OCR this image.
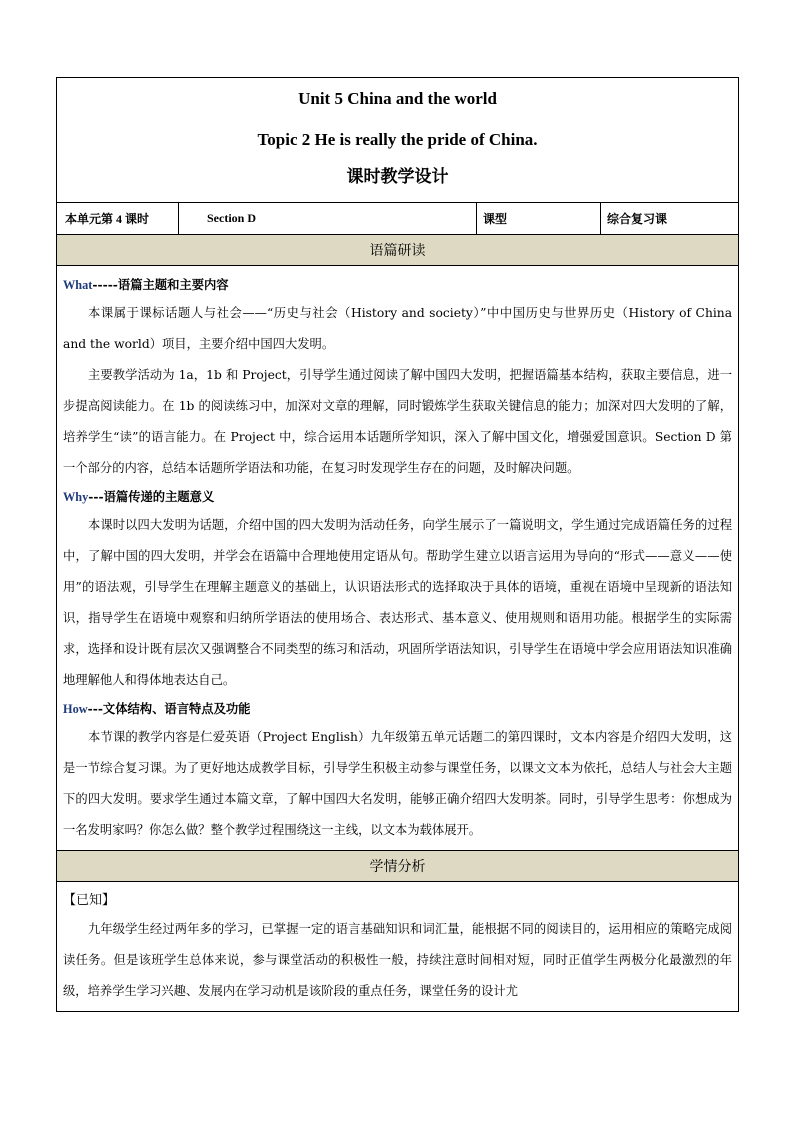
Unit 5 China and the world
Topic 2 He is really the pride of China.
课时教学设计

本单元第 4 课时	Section D	课型	综合复习课
语篇研读

What-----语篇主题和主要内容

本课属于课标话题人与社会——“历史与社会（History and society）”中中国历史与世界历史（History of China and the world）项目，主要介绍中国四大发明。

主要教学活动为 1a，1b 和 Project，引导学生通过阅读了解中国四大发明，把握语篇基本结构，获取主要信息，进一步提高阅读能力。在 1b 的阅读练习中，加深对文章的理解，同时锻炼学生获取关键信息的能力；加深对四大发明的了解，培养学生“读”的语言能力。在 Project 中，综合运用本话题所学知识，深入了解中国文化，增强爱国意识。Section D 第一个部分的内容，总结本话题所学语法和功能，在复习时发现学生存在的问题，及时解决问题。

Why---语篇传递的主题意义

本课时以四大发明为话题，介绍中国的四大发明为活动任务，向学生展示了一篇说明文，学生通过完成语篇任务的过程中，了解中国的四大发明，并学会在语篇中合理地使用定语从句。帮助学生建立以语言运用为导向的“形式——意义——使用”的语法观，引导学生在理解主题意义的基础上，认识语法形式的选择取决于具体的语境，重视在语境中呈现新的语法知识，指导学生在语境中观察和归纳所学语法的使用场合、表达形式、基本意义、使用规则和语用功能。根据学生的实际需求，选择和设计既有层次又强调整合不同类型的练习和活动，巩固所学语法知识，引导学生在语境中学会应用语法知识准确地理解他人和得体地表达自己。

How---文体结构、语言特点及功能

本节课的教学内容是仁爱英语（Project English）九年级第五单元话题二的第四课时，文本内容是介绍四大发明，这是一节综合复习课。为了更好地达成教学目标，引导学生积极主动参与课堂任务，以课文文本为依托，总结人与社会大主题下的四大发明。要求学生通过本篇文章，了解中国四大名发明，能够正确介绍四大发明茶。同时，引导学生思考：你想成为一名发明家吗？你怎么做？整个教学过程围绕这一主线，以文本为载体展开。

学情分析

【已知】

九年级学生经过两年多的学习，已掌握一定的语言基础知识和词汇量，能根据不同的阅读目的，运用相应的策略完成阅读任务。但是该班学生总体来说，参与课堂活动的积极性一般，持续注意时间相对短，同时正值学生两极分化最激烈的年级，培养学生学习兴趣、发展内在学习动机是该阶段的重点任务，课堂任务的设计尤
